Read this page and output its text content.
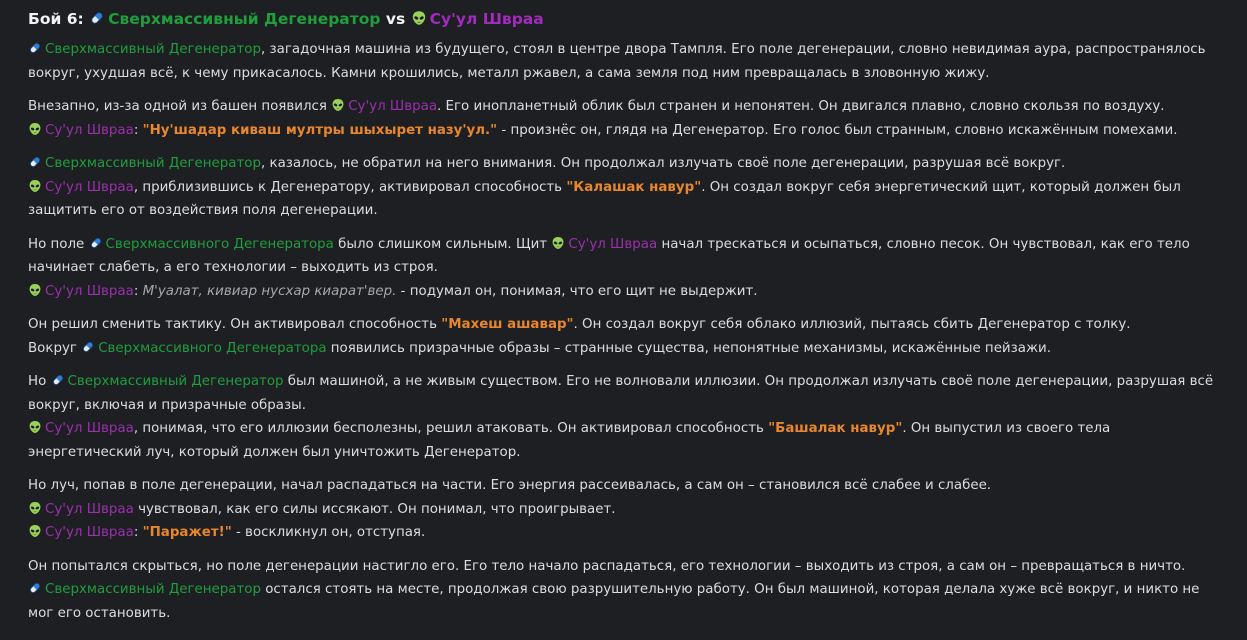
Бой 6: Сверхмассивный Дегенератор vs Су'ул Швраа

Сверхмассивный Дегенератор, загадочная машина из будущего, стоял в центре двора Тампля. Его поле дегенерации, словно невидимая аура, распространялось вокруг, ухудшая всё, к чему прикасалось. Камни крошились, металл ржавел, а сама земля под ним превращалась в зловонную жижу.

Внезапно, из-за одной из башен появился Су'ул Швраа. Его инопланетный облик был странен и непонятен. Он двигался плавно, словно скользя по воздуху.

Су'ул Швраа: "Ну'шадар киваш мултры шыхырет назу'ул." - произнёс он, глядя на Дегенератор. Его голос был странным, словно искажённым помехами.

Сверхмассивный Дегенератор, казалось, не обратил на него внимания. Он продолжал излучать своё поле дегенерации, разрушая всё вокруг.

Су'ул Швраа, приблизившись к Дегенератору, активировал способность "Калашак навур". Он создал вокруг себя энергетический щит, который должен был защитить его от воздействия поля дегенерации.

Но поле Сверхмассивного Дегенератора было слишком сильным. Щит Су'ул Швраа начал трескаться и осыпаться, словно песок. Он чувствовал, как его тело начинает слабеть, а его технологии – выходить из строя.

Су'ул Швраа: М'уалат, кивиар нусхар киарат'вер. - подумал он, понимая, что его щит не выдержит.

Он решил сменить тактику. Он активировал способность "Махеш ашавар". Он создал вокруг себя облако иллюзий, пытаясь сбить Дегенератор с толку.

Вокруг Сверхмассивного Дегенератора появились призрачные образы – странные существа, непонятные механизмы, искажённые пейзажи.

Но Сверхмассивный Дегенератор был машиной, а не живым существом. Его не волновали иллюзии. Он продолжал излучать своё поле дегенерации, разрушая всё вокруг, включая и призрачные образы.

Су'ул Швраа, понимая, что его иллюзии бесполезны, решил атаковать. Он активировал способность "Башалак навур". Он выпустил из своего тела энергетический луч, который должен был уничтожить Дегенератор.

Но луч, попав в поле дегенерации, начал распадаться на части. Его энергия рассеивалась, а сам он – становился всё слабее и слабее.

Су'ул Швраа чувствовал, как его силы иссякают. Он понимал, что проигрывает.

Су'ул Швраа: "Паражет!" - воскликнул он, отступая.

Он попытался скрыться, но поле дегенерации настигло его. Его тело начало распадаться, его технологии – выходить из строя, а сам он – превращаться в ничто.

Сверхмассивный Дегенератор остался стоять на месте, продолжая свою разрушительную работу. Он был машиной, которая делала хуже всё вокруг, и никто не мог его остановить.
